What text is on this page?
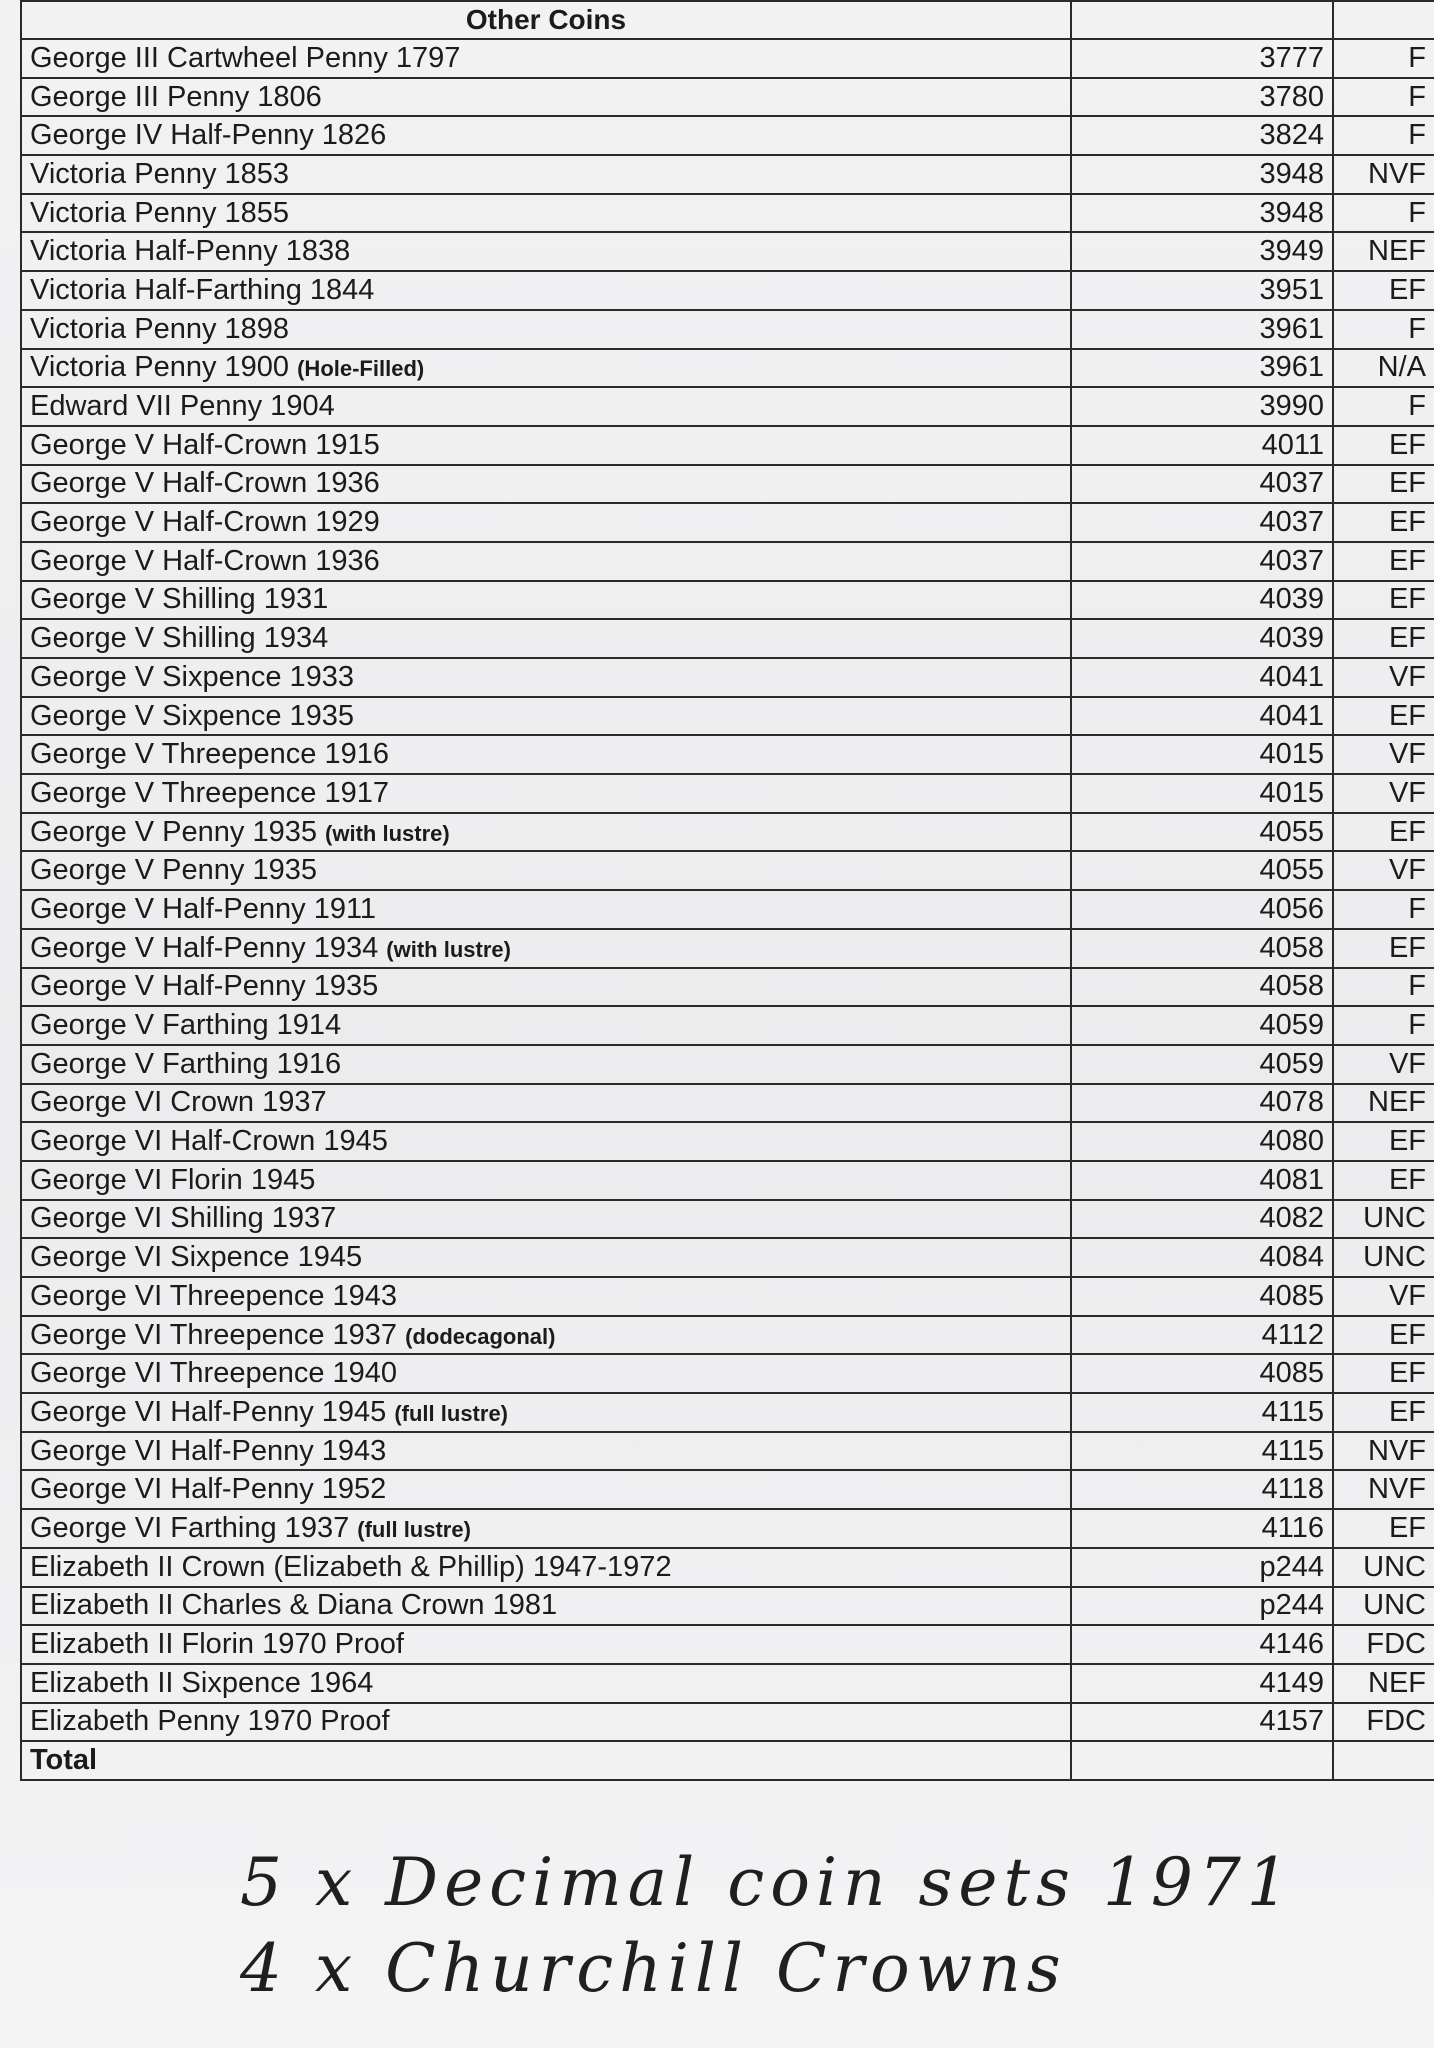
Other Coins		
George III Cartwheel Penny 1797	3777	F
George III Penny 1806	3780	F
George IV Half-Penny 1826	3824	F
Victoria Penny 1853	3948	NVF
Victoria Penny 1855	3948	F
Victoria Half-Penny 1838	3949	NEF
Victoria Half-Farthing 1844	3951	EF
Victoria Penny 1898	3961	F
Victoria Penny 1900 (Hole-Filled)	3961	N/A
Edward VII Penny 1904	3990	F
George V Half-Crown 1915	4011	EF
George V Half-Crown 1936	4037	EF
George V Half-Crown 1929	4037	EF
George V Half-Crown 1936	4037	EF
George V Shilling 1931	4039	EF
George V Shilling 1934	4039	EF
George V Sixpence 1933	4041	VF
George V Sixpence 1935	4041	EF
George V Threepence 1916	4015	VF
George V Threepence 1917	4015	VF
George V Penny 1935 (with lustre)	4055	EF
George V Penny 1935	4055	VF
George V Half-Penny 1911	4056	F
George V Half-Penny 1934 (with lustre)	4058	EF
George V Half-Penny 1935	4058	F
George V Farthing 1914	4059	F
George V Farthing 1916	4059	VF
George VI Crown 1937	4078	NEF
George VI Half-Crown 1945	4080	EF
George VI Florin 1945	4081	EF
George VI Shilling 1937	4082	UNC
George VI Sixpence 1945	4084	UNC
George VI Threepence 1943	4085	VF
George VI Threepence 1937 (dodecagonal)	4112	EF
George VI Threepence 1940	4085	EF
George VI Half-Penny 1945 (full lustre)	4115	EF
George VI Half-Penny 1943	4115	NVF
George VI Half-Penny 1952	4118	NVF
George VI Farthing 1937 (full lustre)	4116	EF
Elizabeth II Crown (Elizabeth & Phillip) 1947-1972	p244	UNC
Elizabeth II Charles & Diana Crown 1981	p244	UNC
Elizabeth II Florin 1970 Proof	4146	FDC
Elizabeth II Sixpence 1964	4149	NEF
Elizabeth Penny 1970 Proof	4157	FDC
Total		
5 x Decimal coin sets 1971
4 x Churchill Crowns
